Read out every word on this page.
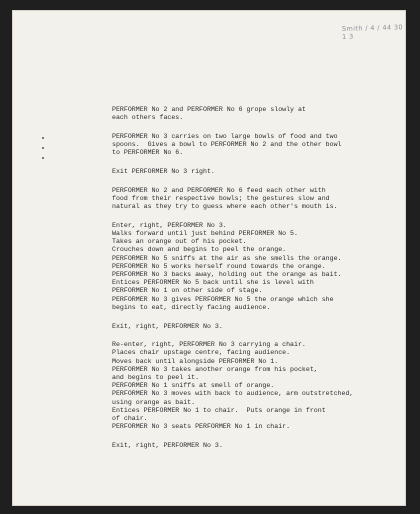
Smith / 4 / 44 30 1 3
PERFORMER No 2 and PERFORMER No 6 grope slowly at
each others faces.
PERFORMER No 3 carries on two large bowls of food and two
spoons.  Gives a bowl to PERFORMER No 2 and the other bowl
to PERFORMER No 6.
Exit PERFORMER No 3 right.
PERFORMER No 2 and PERFORMER No 6 feed each other with
food from their respective bowls; the gestures slow and
natural as they try to guess where each other's mouth is.
Enter, right, PERFORMER No 3.
Walks forward until just behind PERFORMER No 5.
Takes an orange out of his pocket.
Crouches down and begins to peel the orange.
PERFORMER No 5 sniffs at the air as she smells the orange.
PERFORMER No 5 works herself round towards the orange.
PERFORMER No 3 backs away, holding out the orange as bait.
Entices PERFORMER No 5 back until she is level with
PERFORMER No 1 on other side of stage.
PERFORMER No 3 gives PERFORMER No 5 the orange which she
begins to eat, directly facing audience.
Exit, right, PERFORMER No 3.
Re-enter, right, PERFORMER No 3 carrying a chair.
Places chair upstage centre, facing audience.
Moves back until alongside PERFORMER No 1.
PERFORMER No 3 takes another orange from his pocket,
and begins to peel it.
PERFORMER No 1 sniffs at smell of orange.
PERFORMER No 3 moves with back to audience, arm outstretched,
using orange as bait.
Entices PERFORMER No 1 to chair.  Puts orange in front
of chair.
PERFORMER No 3 seats PERFORMER No 1 in chair.
Exit, right, PERFORMER No 3.
